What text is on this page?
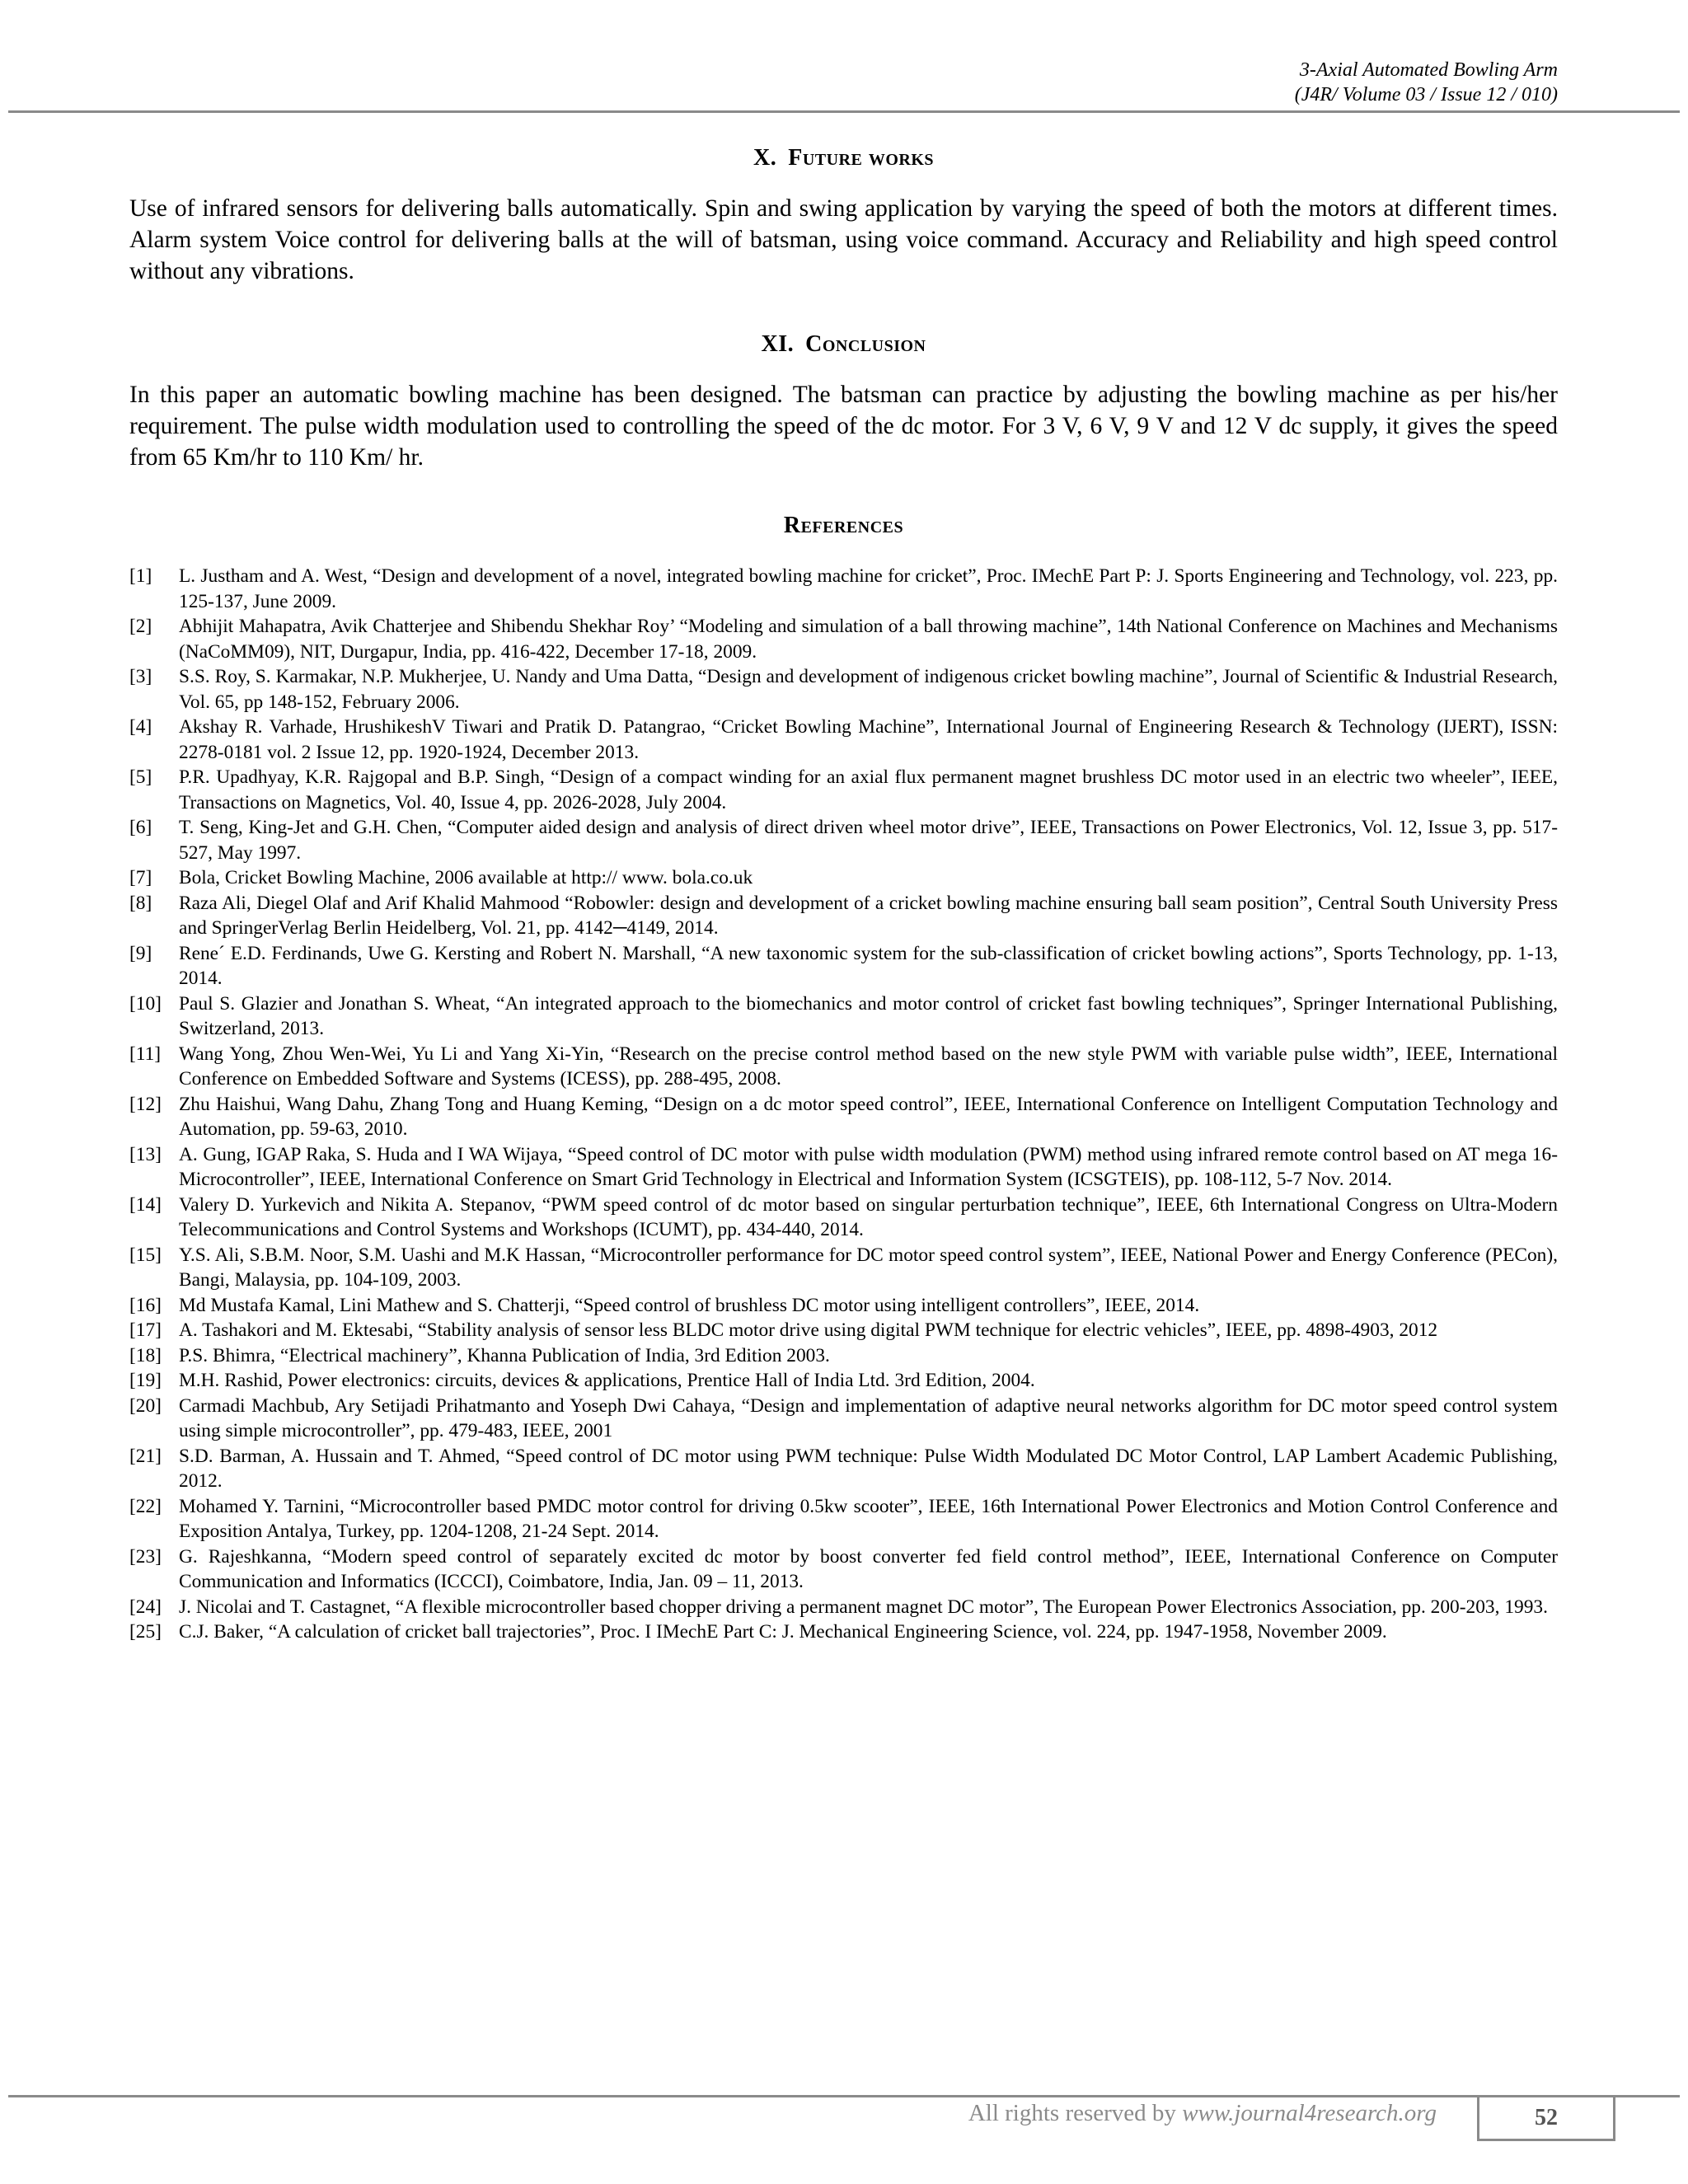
3-Axial Automated Bowling Arm
(J4R/ Volume 03 / Issue 12 / 010)
X. Future works

Use of infrared sensors for delivering balls automatically. Spin and swing application by varying the speed of both the motors at different times. Alarm system Voice control for delivering balls at the will of batsman, using voice command. Accuracy and Reliability and high speed control without any vibrations.

XI. Conclusion

In this paper an automatic bowling machine has been designed. The batsman can practice by adjusting the bowling machine as per his/her requirement. The pulse width modulation used to controlling the speed of the dc motor. For 3 V, 6 V, 9 V and 12 V dc supply, it gives the speed from 65 Km/hr to 110 Km/ hr.

References
[1]	L. Justham and A. West, “Design and development of a novel, integrated bowling machine for cricket”, Proc. IMechE Part P: J. Sports Engineering and Technology, vol. 223, pp. 125-137, June 2009.
[2]	Abhijit Mahapatra, Avik Chatterjee and Shibendu Shekhar Roy’ “Modeling and simulation of a ball throwing machine”, 14th National Conference on Machines and Mechanisms (NaCoMM09), NIT, Durgapur, India, pp. 416-422, December 17-18, 2009.
[3]	S.S. Roy, S. Karmakar, N.P. Mukherjee, U. Nandy and Uma Datta, “Design and development of indigenous cricket bowling machine”, Journal of Scientific & Industrial Research, Vol. 65, pp 148-152, February 2006.
[4]	Akshay R. Varhade, HrushikeshV Tiwari and Pratik D. Patangrao, “Cricket Bowling Machine”, International Journal of Engineering Research & Technology (IJERT), ISSN: 2278-0181 vol. 2 Issue 12, pp. 1920-1924, December 2013.
[5]	P.R. Upadhyay, K.R. Rajgopal and B.P. Singh, “Design of a compact winding for an axial flux permanent magnet brushless DC motor used in an electric two wheeler”, IEEE, Transactions on Magnetics, Vol. 40, Issue 4, pp. 2026-2028, July 2004.
[6]	T. Seng, King-Jet and G.H. Chen, “Computer aided design and analysis of direct driven wheel motor drive”, IEEE, Transactions on Power Electronics, Vol. 12, Issue 3, pp. 517-527, May 1997.
[7]	Bola, Cricket Bowling Machine, 2006 available at http:// www. bola.co.uk
[8]	Raza Ali, Diegel Olaf and Arif Khalid Mahmood “Robowler: design and development of a cricket bowling machine ensuring ball seam position”, Central South University Press and SpringerVerlag Berlin Heidelberg, Vol. 21, pp. 4142─4149, 2014.
[9]	Rene´ E.D. Ferdinands, Uwe G. Kersting and Robert N. Marshall, “A new taxonomic system for the sub-classification of cricket bowling actions”, Sports Technology, pp. 1-13, 2014.
[10] Paul S. Glazier and Jonathan S. Wheat, “An integrated approach to the biomechanics and motor control of cricket fast bowling techniques”, Springer International Publishing, Switzerland, 2013.
[11] Wang Yong, Zhou Wen-Wei, Yu Li and Yang Xi-Yin, “Research on the precise control method based on the new style PWM with variable pulse width”, IEEE, International Conference on Embedded Software and Systems (ICESS), pp. 288-495, 2008.
[12] Zhu Haishui, Wang Dahu, Zhang Tong and Huang Keming, “Design on a dc motor speed control”, IEEE, International Conference on Intelligent Computation Technology and Automation, pp. 59-63, 2010.
[13] A. Gung, IGAP Raka, S. Huda and I WA Wijaya, “Speed control of DC motor with pulse width modulation (PWM) method using infrared remote control based on AT mega 16-Microcontroller”, IEEE, International Conference on Smart Grid Technology in Electrical and Information System (ICSGTEIS), pp. 108-112, 5-7 Nov. 2014.
[14] Valery D. Yurkevich and Nikita A. Stepanov, “PWM speed control of dc motor based on singular perturbation technique”, IEEE, 6th International Congress on Ultra-Modern Telecommunications and Control Systems and Workshops (ICUMT), pp. 434-440, 2014.
[15] Y.S. Ali, S.B.M. Noor, S.M. Uashi and M.K Hassan, “Microcontroller performance for DC motor speed control system”, IEEE, National Power and Energy Conference (PECon), Bangi, Malaysia, pp. 104-109, 2003.
[16] Md Mustafa Kamal, Lini Mathew and S. Chatterji, “Speed control of brushless DC motor using intelligent controllers”, IEEE, 2014.
[17] A. Tashakori and M. Ektesabi, “Stability analysis of sensor less BLDC motor drive using digital PWM technique for electric vehicles”, IEEE, pp. 4898-4903, 2012
[18] P.S. Bhimra, “Electrical machinery”, Khanna Publication of India, 3rd Edition 2003.
[19] M.H. Rashid, Power electronics: circuits, devices & applications, Prentice Hall of India Ltd. 3rd Edition, 2004.
[20] Carmadi Machbub, Ary Setijadi Prihatmanto and Yoseph Dwi Cahaya, “Design and implementation of adaptive neural networks algorithm for DC motor speed control system using simple microcontroller”, pp. 479-483, IEEE, 2001
[21] S.D. Barman, A. Hussain and T. Ahmed, “Speed control of DC motor using PWM technique: Pulse Width Modulated DC Motor Control, LAP Lambert Academic Publishing, 2012.
[22] Mohamed Y. Tarnini, “Microcontroller based PMDC motor control for driving 0.5kw scooter”, IEEE, 16th International Power Electronics and Motion Control Conference and Exposition Antalya, Turkey, pp. 1204-1208, 21-24 Sept. 2014.
[23] G. Rajeshkanna, “Modern speed control of separately excited dc motor by boost converter fed field control method”, IEEE, International Conference on Computer Communication and Informatics (ICCCI), Coimbatore, India, Jan. 09 – 11, 2013.
[24] J. Nicolai and T. Castagnet, “A flexible microcontroller based chopper driving a permanent magnet DC motor”, The European Power Electronics Association, pp. 200-203, 1993.
[25] C.J. Baker, “A calculation of cricket ball trajectories”, Proc. I IMechE Part C: J. Mechanical Engineering Science, vol. 224, pp. 1947-1958, November 2009.
All rights reserved by www.journal4research.org	52
